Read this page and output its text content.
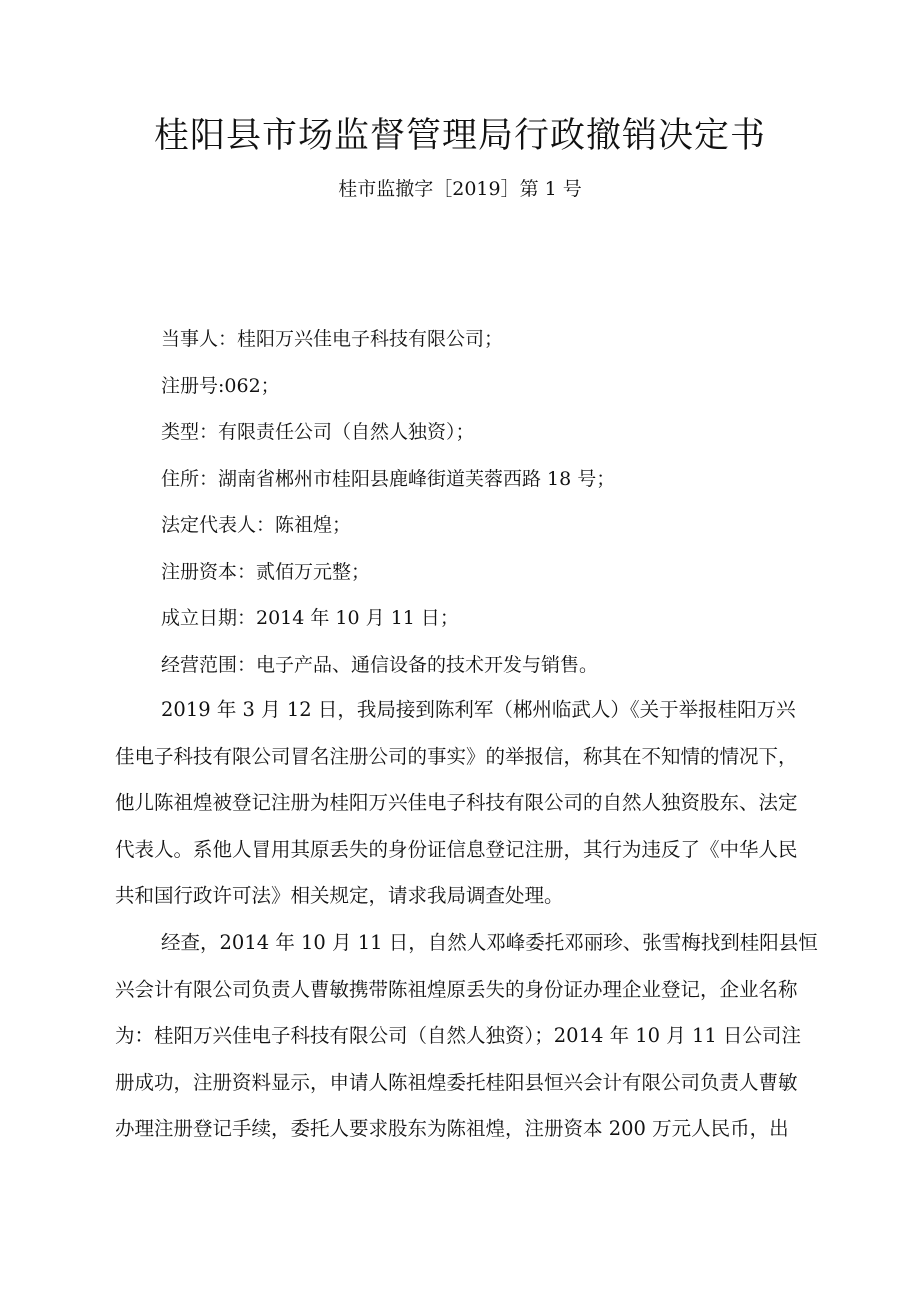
桂阳县市场监督管理局行政撤销决定书
桂市监撤字［2019］第 1 号
当事人：桂阳万兴佳电子科技有限公司；
注册号:062；
类型：有限责任公司（自然人独资）；
住所：湖南省郴州市桂阳县鹿峰街道芙蓉西路 18 号；
法定代表人：陈祖煌；
注册资本：贰佰万元整；
成立日期：2014 年 10 月 11 日；
经营范围：电子产品、通信设备的技术开发与销售。
2019 年 3 月 12 日，我局接到陈利军（郴州临武人）《关于举报桂阳万兴
佳电子科技有限公司冒名注册公司的事实》的举报信，称其在不知情的情况下，
他儿陈祖煌被登记注册为桂阳万兴佳电子科技有限公司的自然人独资股东、法定
代表人。系他人冒用其原丢失的身份证信息登记注册，其行为违反了《中华人民
共和国行政许可法》相关规定，请求我局调查处理。
经查，2014 年 10 月 11 日，自然人邓峰委托邓丽珍、张雪梅找到桂阳县恒
兴会计有限公司负责人曹敏携带陈祖煌原丢失的身份证办理企业登记，企业名称
为：桂阳万兴佳电子科技有限公司（自然人独资）；2014 年 10 月 11 日公司注
册成功，注册资料显示，申请人陈祖煌委托桂阳县恒兴会计有限公司负责人曹敏
办理注册登记手续，委托人要求股东为陈祖煌，注册资本 200 万元人民币，出
